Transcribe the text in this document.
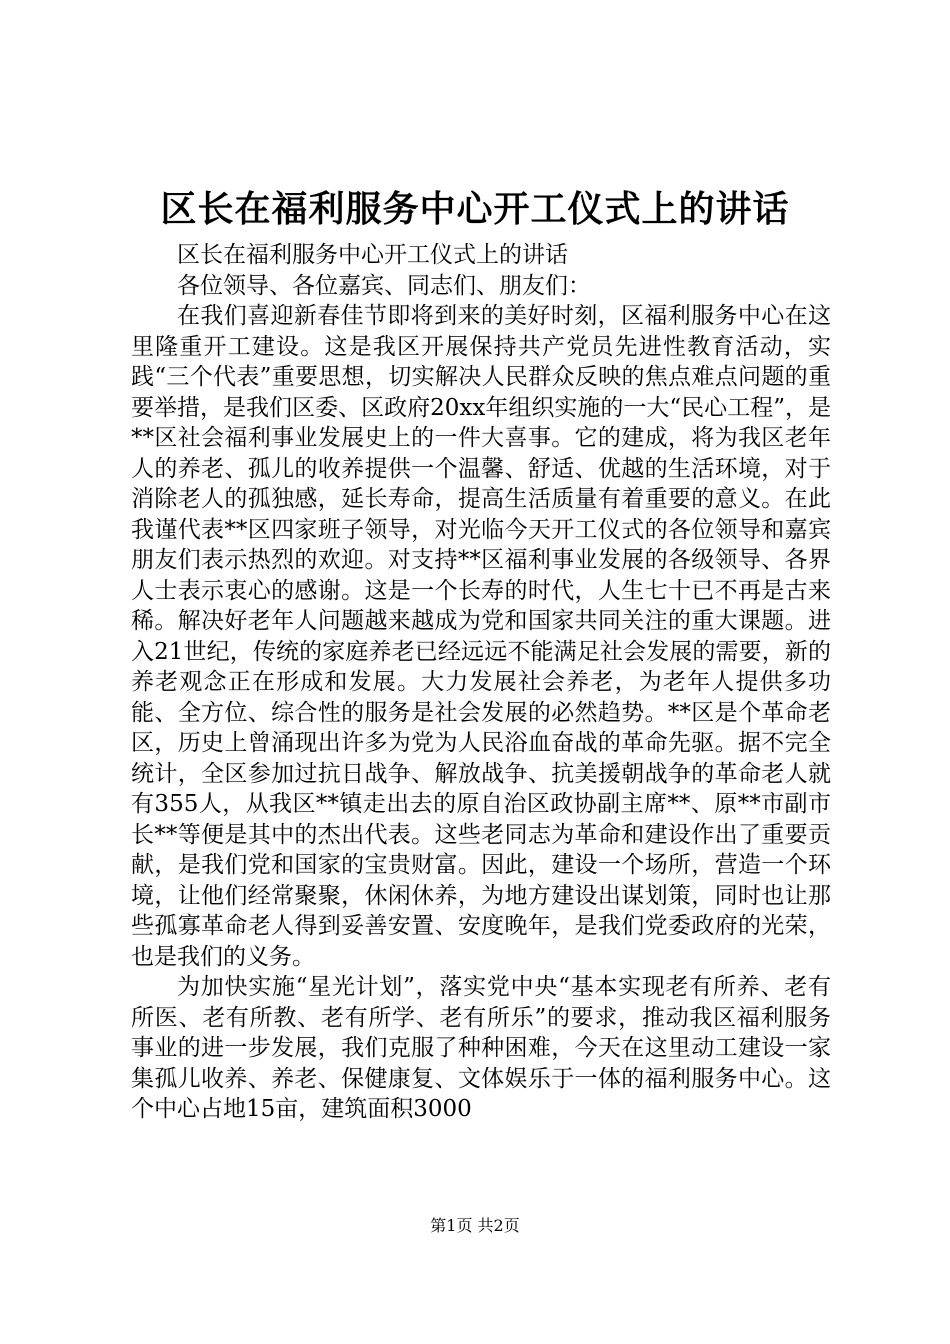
区长在福利服务中心开工仪式上的讲话

区长在福利服务中心开工仪式上的讲话

各位领导、各位嘉宾、同志们、朋友们：

在我们喜迎新春佳节即将到来的美好时刻，区福利服务中心在这里隆重开工建设。这是我区开展保持共产党员先进性教育活动，实践“三个代表”重要思想，切实解决人民群众反映的焦点难点问题的重要举措，是我们区委、区政府20xx年组织实施的一大“民心工程”，是**区社会福利事业发展史上的一件大喜事。它的建成，将为我区老年人的养老、孤儿的收养提供一个温馨、舒适、优越的生活环境，对于消除老人的孤独感，延长寿命，提高生活质量有着重要的意义。在此我谨代表**区四家班子领导，对光临今天开工仪式的各位领导和嘉宾朋友们表示热烈的欢迎。对支持**区福利事业发展的各级领导、各界人士表示衷心的感谢。这是一个长寿的时代，人生七十已不再是古来稀。解决好老年人问题越来越成为党和国家共同关注的重大课题。进入21世纪，传统的家庭养老已经远远不能满足社会发展的需要，新的养老观念正在形成和发展。大力发展社会养老，为老年人提供多功能、全方位、综合性的服务是社会发展的必然趋势。**区是个革命老区，历史上曾涌现出许多为党为人民浴血奋战的革命先驱。据不完全统计，全区参加过抗日战争、解放战争、抗美援朝战争的革命老人就有355人，从我区**镇走出去的原自治区政协副主席**、原**市副市长**等便是其中的杰出代表。这些老同志为革命和建设作出了重要贡献，是我们党和国家的宝贵财富。因此，建设一个场所，营造一个环境，让他们经常聚聚，休闲休养，为地方建设出谋划策，同时也让那些孤寡革命老人得到妥善安置、安度晚年，是我们党委政府的光荣，也是我们的义务。

为加快实施“星光计划”，落实党中央“基本实现老有所养、老有所医、老有所教、老有所学、老有所乐”的要求，推动我区福利服务事业的进一步发展，我们克服了种种困难，今天在这里动工建设一家集孤儿收养、养老、保健康复、文体娱乐于一体的福利服务中心。这个中心占地15亩，建筑面积3000

第1页 共2页
